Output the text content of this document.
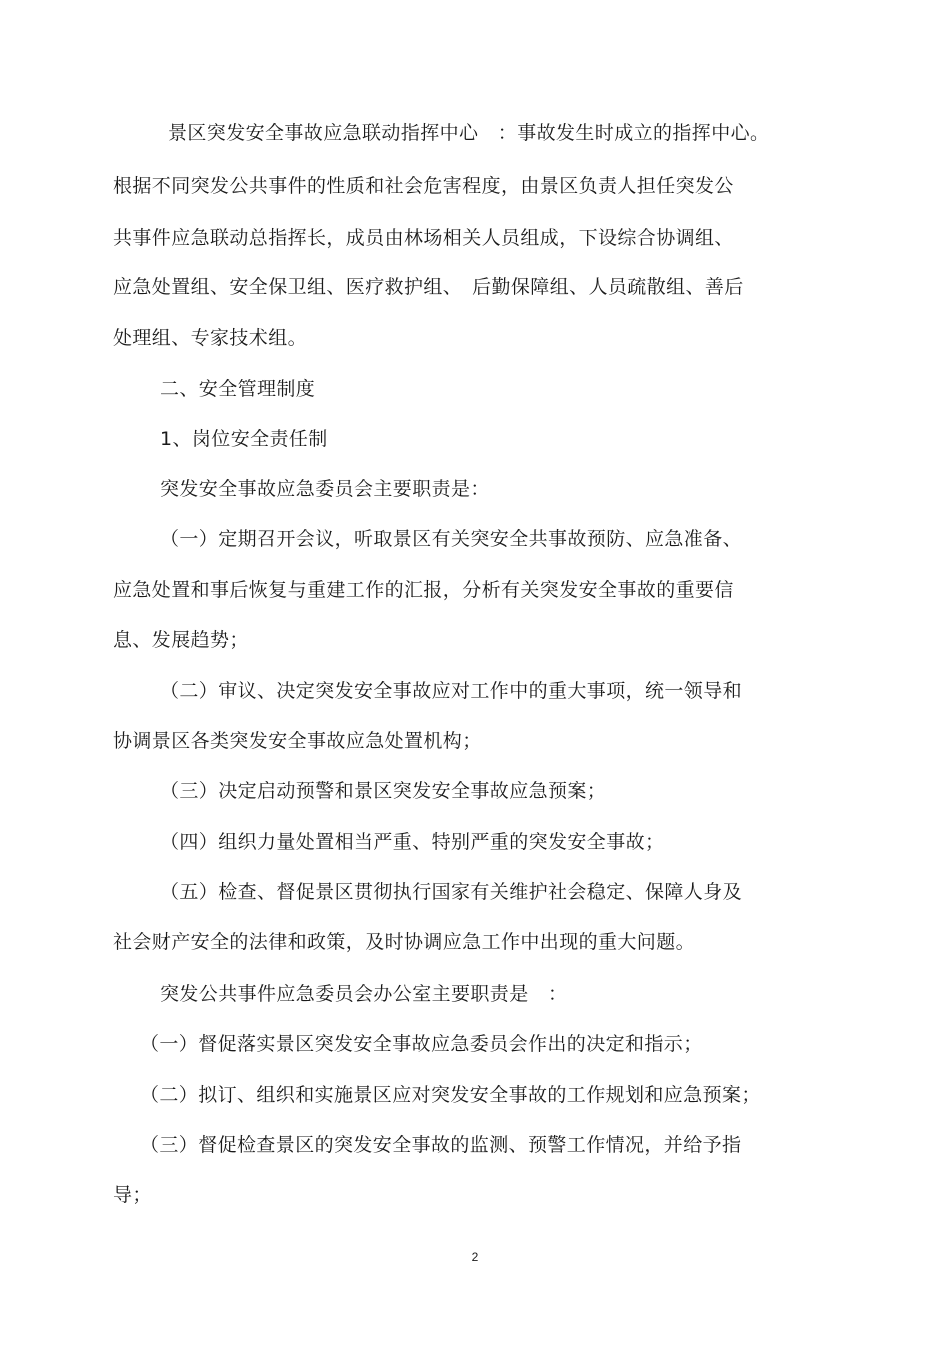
景区突发安全事故应急联动指挥中心　：事故发生时成立的指挥中心。
根据不同突发公共事件的性质和社会危害程度，由景区负责人担任突发公
共事件应急联动总指挥长，成员由林场相关人员组成，下设综合协调组、
应急处置组、安全保卫组、医疗救护组、　后勤保障组、人员疏散组、善后
处理组、专家技术组。
二、安全管理制度
1、岗位安全责任制
突发安全事故应急委员会主要职责是：
（一）定期召开会议，听取景区有关突安全共事故预防、应急准备、
应急处置和事后恢复与重建工作的汇报，分析有关突发安全事故的重要信
息、发展趋势；
（二）审议、决定突发安全事故应对工作中的重大事项，统一领导和
协调景区各类突发安全事故应急处置机构；
（三）决定启动预警和景区突发安全事故应急预案；
（四）组织力量处置相当严重、特别严重的突发安全事故；
（五）检查、督促景区贯彻执行国家有关维护社会稳定、保障人身及
社会财产安全的法律和政策，及时协调应急工作中出现的重大问题。
突发公共事件应急委员会办公室主要职责是　：
（一）督促落实景区突发安全事故应急委员会作出的决定和指示；
（二）拟订、组织和实施景区应对突发安全事故的工作规划和应急预案；
（三）督促检查景区的突发安全事故的监测、预警工作情况，并给予指
导；
2
